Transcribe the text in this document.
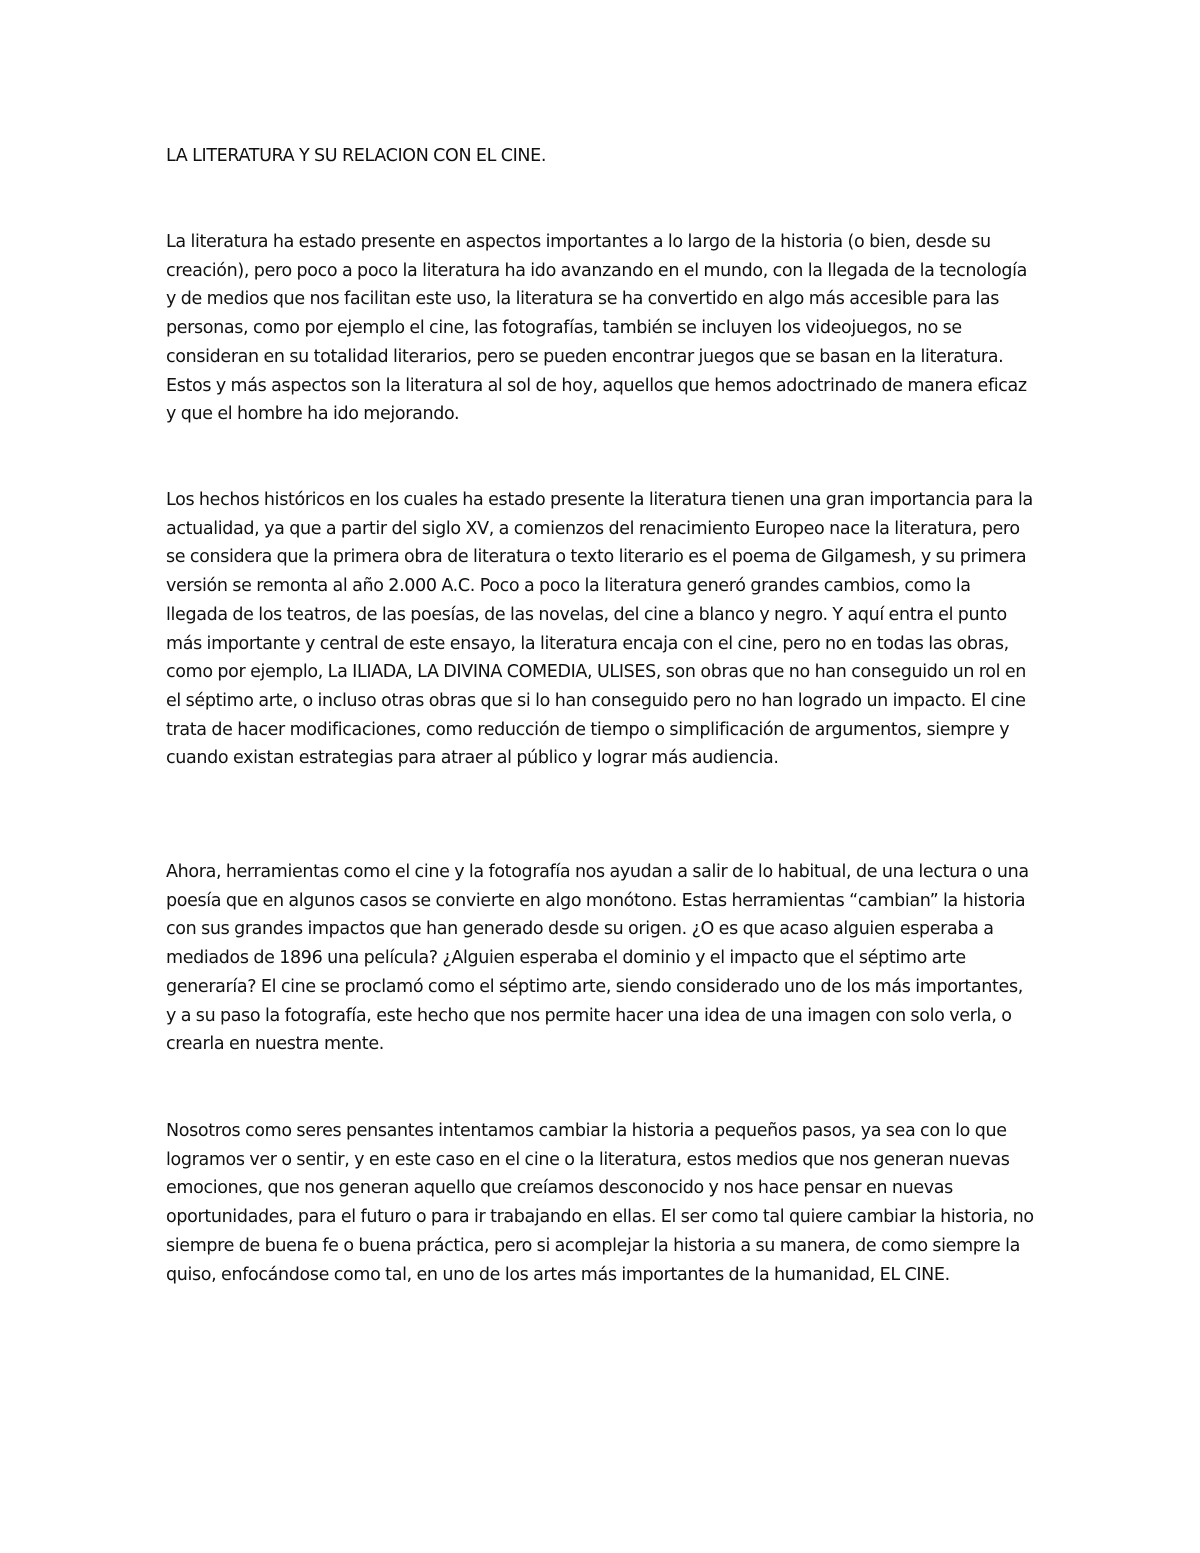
LA LITERATURA Y SU RELACION CON EL CINE.

La literatura ha estado presente en aspectos importantes a lo largo de la historia (o bien, desde su creación), pero poco a poco la literatura ha ido avanzando en el mundo, con la llegada de la tecnología y de medios que nos facilitan este uso, la literatura se ha convertido en algo más accesible para las personas, como por ejemplo el cine, las fotografías, también se incluyen los videojuegos, no se consideran en su totalidad literarios, pero se pueden encontrar juegos que se basan en la literatura. Estos y más aspectos son la literatura al sol de hoy, aquellos que hemos adoctrinado de manera eficaz y que el hombre ha ido mejorando.

Los hechos históricos en los cuales ha estado presente la literatura tienen una gran importancia para la actualidad, ya que a partir del siglo XV, a comienzos del renacimiento Europeo nace la literatura, pero se considera que la primera obra de literatura o texto literario es el poema de Gilgamesh, y su primera versión se remonta al año 2.000 A.C. Poco a poco la literatura generó grandes cambios, como la llegada de los teatros, de las poesías, de las novelas, del cine a blanco y negro. Y aquí entra el punto más importante y central de este ensayo, la literatura encaja con el cine, pero no en todas las obras, como por ejemplo, La ILIADA, LA DIVINA COMEDIA, ULISES, son obras que no han conseguido un rol en el séptimo arte, o incluso otras obras que si lo han conseguido pero no han logrado un impacto. El cine trata de hacer modificaciones, como reducción de tiempo o simplificación de argumentos, siempre y cuando existan estrategias para atraer al público y lograr más audiencia.

Ahora, herramientas como el cine y la fotografía nos ayudan a salir de lo habitual, de una lectura o una poesía que en algunos casos se convierte en algo monótono. Estas herramientas “cambian” la historia con sus grandes impactos que han generado desde su origen. ¿O es que acaso alguien esperaba a mediados de 1896 una película? ¿Alguien esperaba el dominio y el impacto que el séptimo arte generaría? El cine se proclamó como el séptimo arte, siendo considerado uno de los más importantes, y a su paso la fotografía, este hecho que nos permite hacer una idea de una imagen con solo verla, o crearla en nuestra mente.

Nosotros como seres pensantes intentamos cambiar la historia a pequeños pasos, ya sea con lo que logramos ver o sentir, y en este caso en el cine o la literatura, estos medios que nos generan nuevas emociones, que nos generan aquello que creíamos desconocido y nos hace pensar en nuevas oportunidades, para el futuro o para ir trabajando en ellas. El ser como tal quiere cambiar la historia, no siempre de buena fe o buena práctica, pero si acomplejar la historia a su manera, de como siempre la quiso, enfocándose como tal, en uno de los artes más importantes de la humanidad, EL CINE.
